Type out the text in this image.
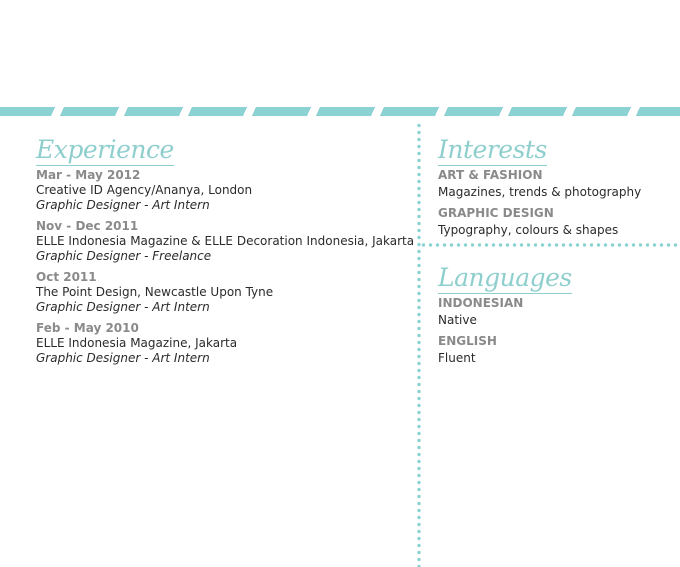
Experience
Mar - May 2012
Creative ID Agency/Ananya, London
Graphic Designer - Art Intern
Nov - Dec 2011
ELLE Indonesia Magazine & ELLE Decoration Indonesia, Jakarta
Graphic Designer - Freelance
Oct 2011
The Point Design, Newcastle Upon Tyne
Graphic Designer - Art Intern
Feb - May 2010
ELLE Indonesia Magazine, Jakarta
Graphic Designer - Art Intern
Interests
ART & FASHION
Magazines, trends & photography
GRAPHIC DESIGN
Typography, colours & shapes
Languages
INDONESIAN
Native
ENGLISH
Fluent
